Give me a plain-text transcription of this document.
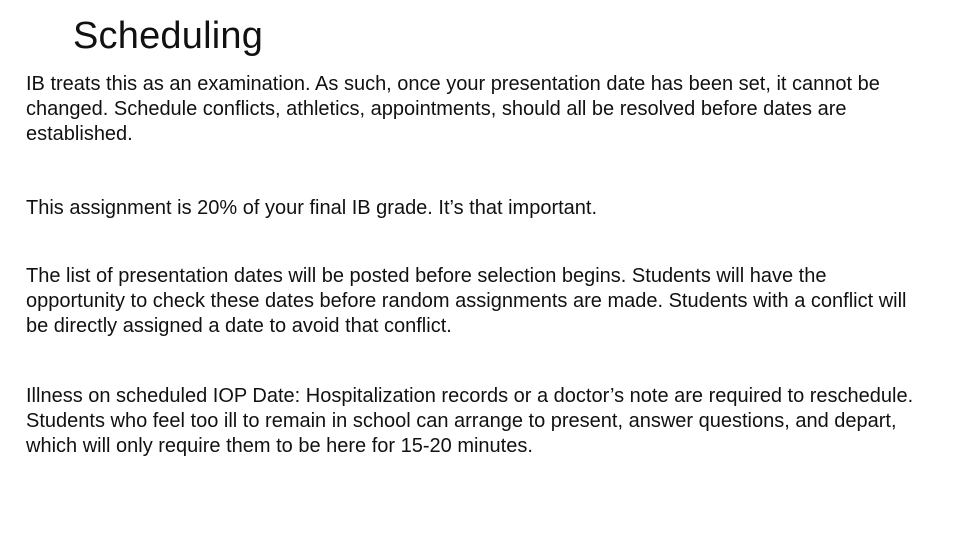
Scheduling

IB treats this as an examination. As such, once your presentation date has been set, it cannot be changed. Schedule conflicts, athletics, appointments, should all be resolved before dates are established.

This assignment is 20% of your final IB grade. It’s that important.

The list of presentation dates will be posted before selection begins. Students will have the opportunity to check these dates before random assignments are made. Students with a conflict will be directly assigned a date to avoid that conflict.

Illness on scheduled IOP Date: Hospitalization records or a doctor’s note are required to reschedule. Students who feel too ill to remain in school can arrange to present, answer questions, and depart, which will only require them to be here for 15-20 minutes.
